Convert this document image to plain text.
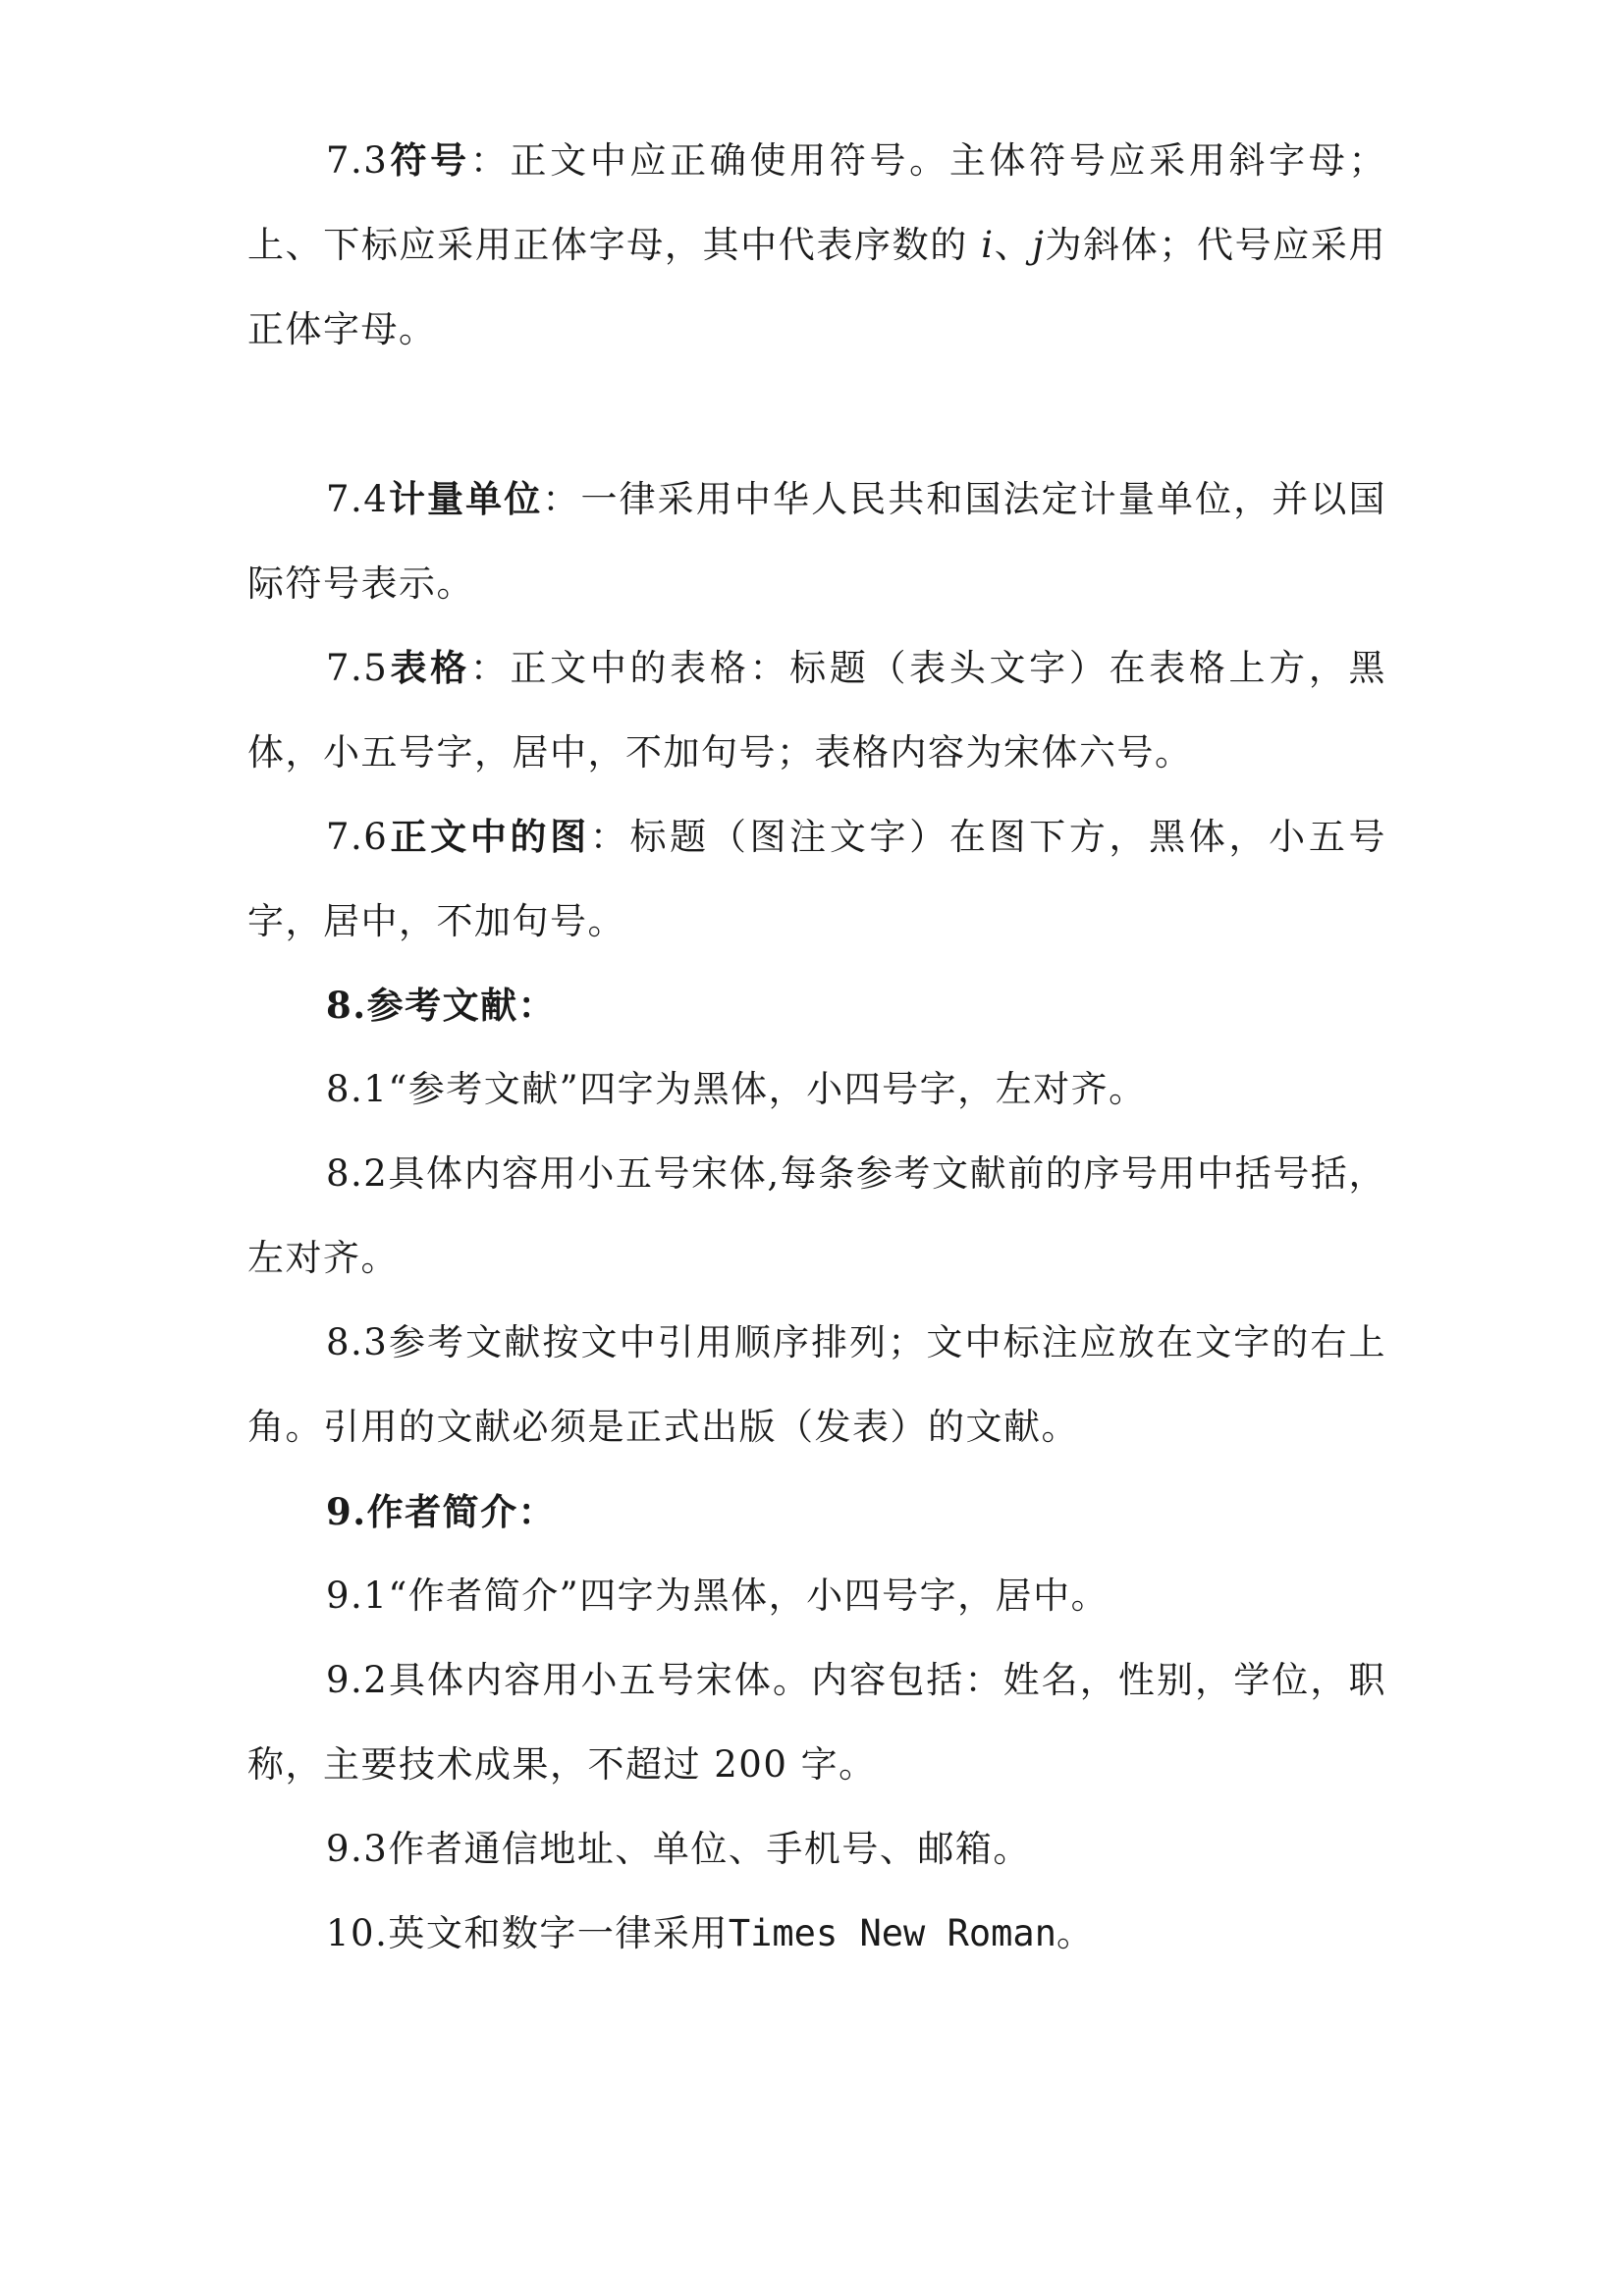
7.3符号：正文中应正确使用符号。主体符号应采用斜字母；上、下标应采用正体字母，其中代表序数的 i、j为斜体；代号应采用正体字母。

7.4计量单位：一律采用中华人民共和国法定计量单位，并以国际符号表示。

7.5表格：正文中的表格：标题（表头文字）在表格上方，黑体，小五号字，居中，不加句号；表格内容为宋体六号。

7.6正文中的图：标题（图注文字）在图下方，黑体，小五号字，居中，不加句号。

8.参考文献：

8.1“参考文献”四字为黑体，小四号字，左对齐。

8.2具体内容用小五号宋体,每条参考文献前的序号用中括号括，左对齐。

8.3参考文献按文中引用顺序排列；文中标注应放在文字的右上角。引用的文献必须是正式出版（发表）的文献。

9.作者简介：

9.1“作者简介”四字为黑体，小四号字，居中。

9.2具体内容用小五号宋体。内容包括：姓名，性别，学位，职称，主要技术成果，不超过 200 字。

9.3作者通信地址、单位、手机号、邮箱。

10.英文和数字一律采用Times New Roman。
